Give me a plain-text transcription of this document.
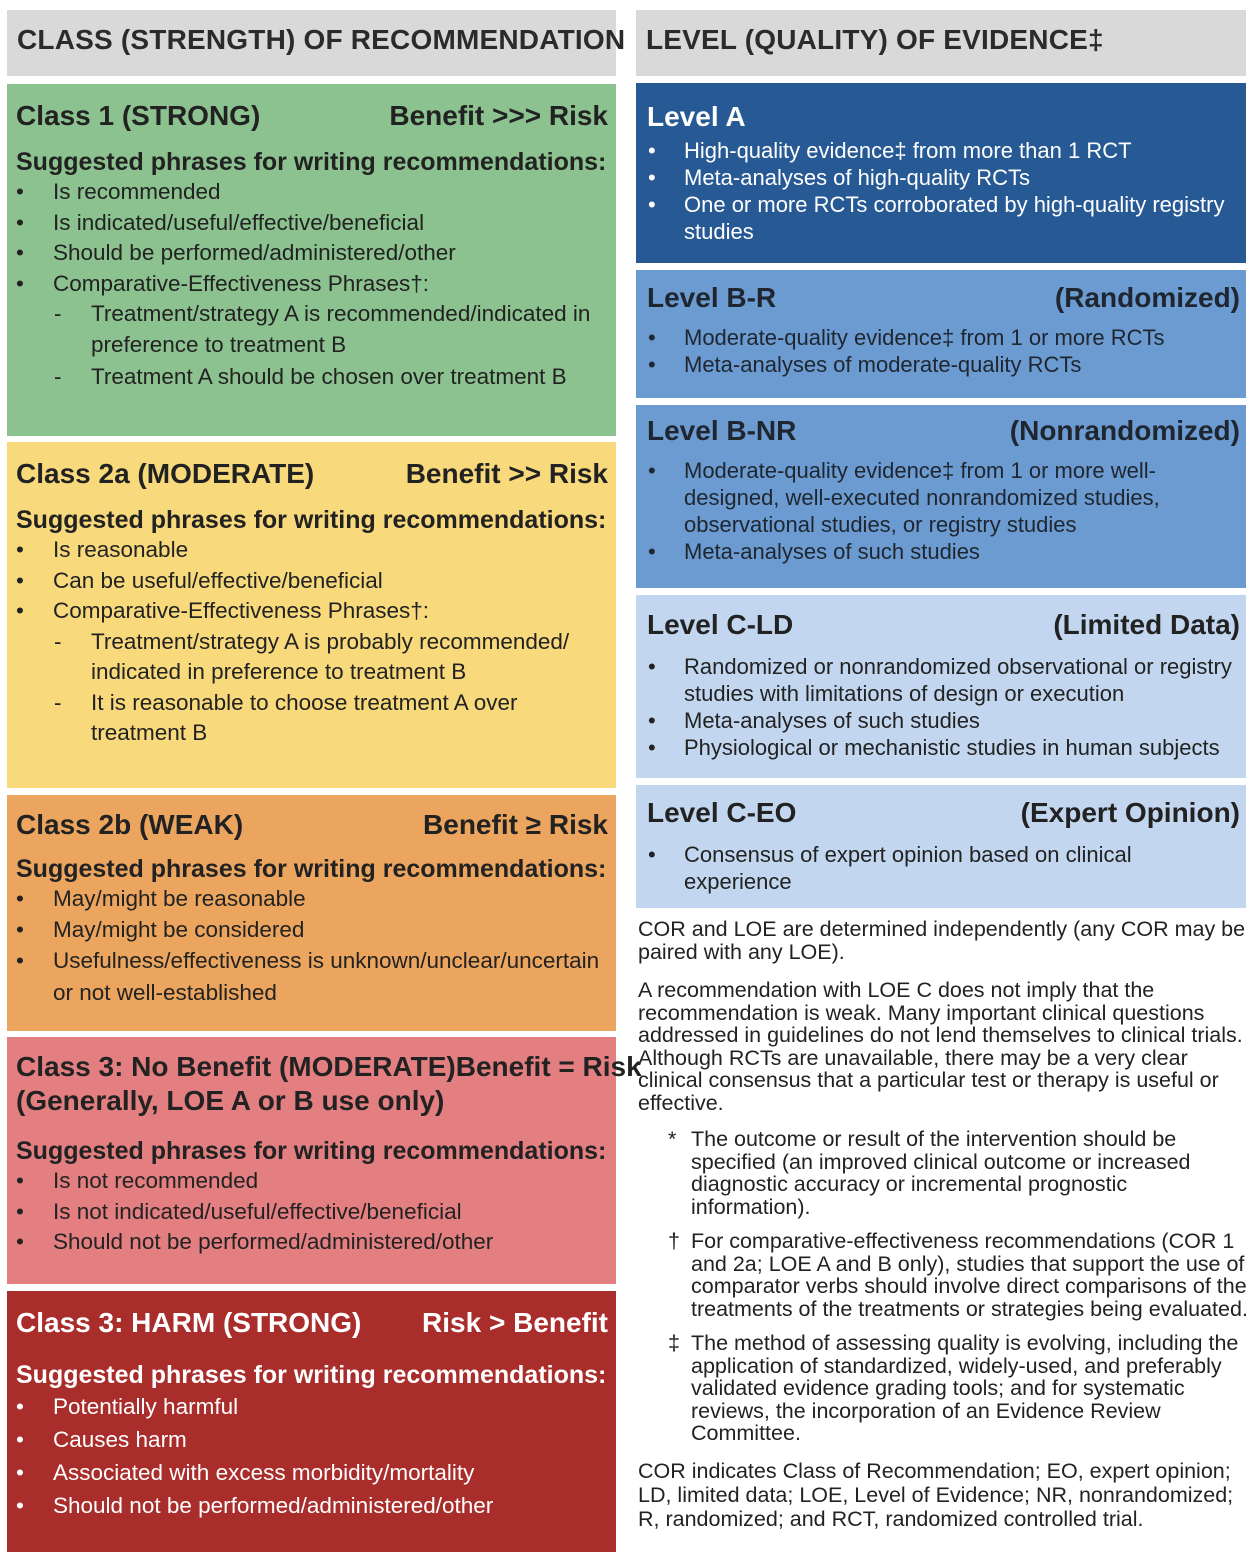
CLASS (STRENGTH) OF RECOMMENDATION
Class 1 (STRONG)	Benefit >>> Risk
Suggested phrases for writing recommendations:
• Is recommended
• Is indicated/useful/effective/beneficial
• Should be performed/administered/other
• Comparative-Effectiveness Phrases†:
- Treatment/strategy A is recommended/indicated in preference to treatment B
- Treatment A should be chosen over treatment B
Class 2a (MODERATE)	Benefit >> Risk
Suggested phrases for writing recommendations:
• Is reasonable
• Can be useful/effective/beneficial
• Comparative-Effectiveness Phrases†:
- Treatment/strategy A is probably recommended/ indicated in preference to treatment B
- It is reasonable to choose treatment A over treatment B
Class 2b (WEAK)	Benefit ≥ Risk
Suggested phrases for writing recommendations:
• May/might be reasonable
• May/might be considered
• Usefulness/effectiveness is unknown/unclear/uncertain or not well-established
Class 3: No Benefit (MODERATE) Benefit = Risk
(Generally, LOE A or B use only)
Suggested phrases for writing recommendations:
• Is not recommended
• Is not indicated/useful/effective/beneficial
• Should not be performed/administered/other
Class 3: HARM (STRONG) Risk > Benefit
Suggested phrases for writing recommendations:
• Potentially harmful
• Causes harm
• Associated with excess morbidity/mortality
• Should not be performed/administered/other
LEVEL (QUALITY) OF EVIDENCE‡
Level A
• High-quality evidence‡ from more than 1 RCT
• Meta-analyses of high-quality RCTs
• One or more RCTs corroborated by high-quality registry studies
Level B-R	(Randomized)
• Moderate-quality evidence‡ from 1 or more RCTs
• Meta-analyses of moderate-quality RCTs
Level B-NR	(Nonrandomized)
• Moderate-quality evidence‡ from 1 or more well-designed, well-executed nonrandomized studies, observational studies, or registry studies
• Meta-analyses of such studies
Level C-LD	(Limited Data)
• Randomized or nonrandomized observational or registry studies with limitations of design or execution
• Meta-analyses of such studies
• Physiological or mechanistic studies in human subjects
Level C-EO	(Expert Opinion)
• Consensus of expert opinion based on clinical experience

COR and LOE are determined independently (any COR may be paired with any LOE).

A recommendation with LOE C does not imply that the recommendation is weak. Many important clinical questions addressed in guidelines do not lend themselves to clinical trials. Although RCTs are unavailable, there may be a very clear clinical consensus that a particular test or therapy is useful or effective.

* The outcome or result of the intervention should be specified (an improved clinical outcome or increased diagnostic accuracy or incremental prognostic information).
† For comparative-effectiveness recommendations (COR 1 and 2a; LOE A and B only), studies that support the use of comparator verbs should involve direct comparisons of the treatments of the treatments or strategies being evaluated.
‡ The method of assessing quality is evolving, including the application of standardized, widely-used, and preferably validated evidence grading tools; and for systematic reviews, the incorporation of an Evidence Review Committee.

COR indicates Class of Recommendation; EO, expert opinion; LD, limited data; LOE, Level of Evidence; NR, nonrandomized; R, randomized; and RCT, randomized controlled trial.
